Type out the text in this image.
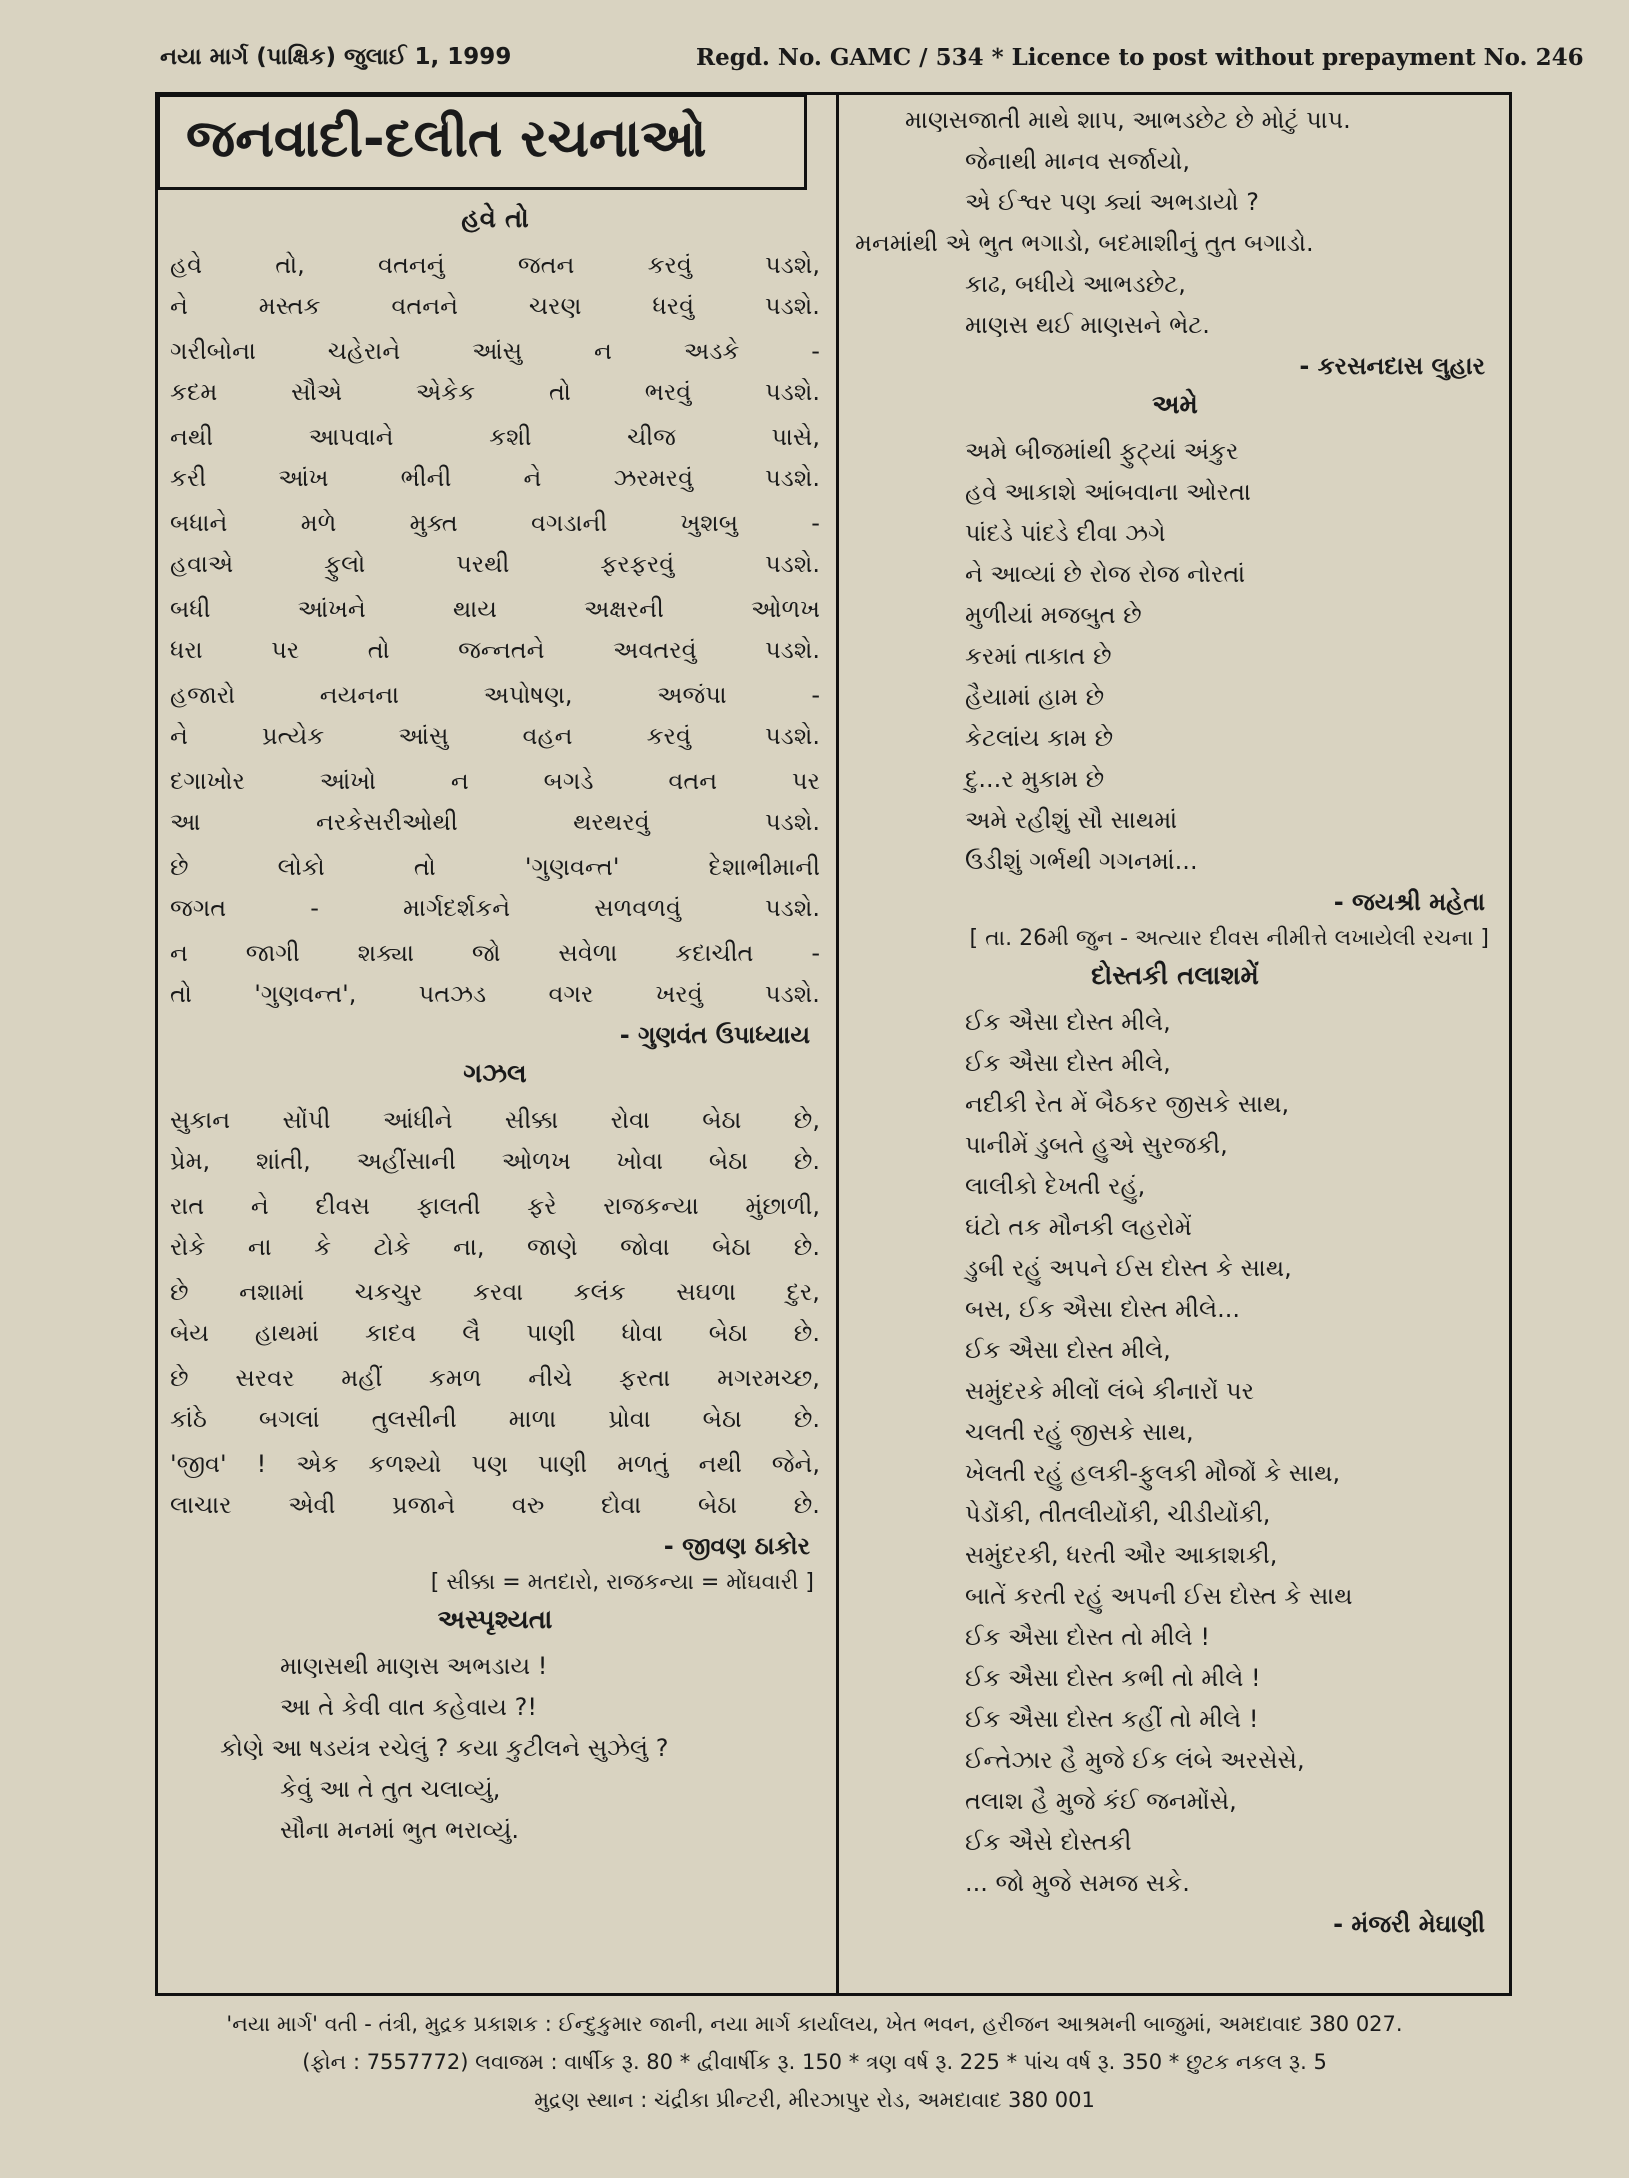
નયા માર્ગ (પાક્ષિક) જુલાઈ 1, 1999	Regd. No. GAMC / 534 * Licence to post without prepayment No. 246
જનવાદી-દલીત રચનાઓ
હવે તો
હવે	તો,	વતનનું	જતન	કરવું	પડશે,
ને	મસ્તક	વતનને	ચરણ	ધરવું	પડશે.
ગરીબોના	ચહેરાને	આંસુ	ન	અડકે	-
કદમ	સૌએ	એકેક	તો	ભરવું	પડશે.
નથી	આપવાને	કશી	ચીજ	પાસે,
કરી	આંખ	ભીની	ને	ઝરમરવું	પડશે.
બધાને	મળે	મુક્ત	વગડાની	ખુશબુ	-
હવાએ	ફુલો	પરથી	ફરફરવું	પડશે.
બધી	આંખને	થાય	અક્ષરની	ઓળખ
ધરા	પર	તો	જન્નતને	અવતરવું	પડશે.
હજારો	નયનના	અપોષણ,	અજંપા	-
ને	પ્રત્યેક	આંસુ	વહન	કરવું	પડશે.
દગાખોર	આંખો	ન	બગડે	વતન	પર
આ	નરકેસરીઓથી	થરથરવું	પડશે.
છે	લોકો	તો	'ગુણવન્ત'	દેશાભીમાની
જગત	-	માર્ગદર્શકને	સળવળવું	પડશે.
ન જાગી શક્યા જો સવેળા કદાચીત -
તો	'ગુણવન્ત',	પતઝડ	વગર	ખરવું	પડશે.
- ગુણવંત ઉપાધ્યાય
ગઝલ
સુકાન સોંપી આંધીને સીક્કા રોવા બેઠા છે,
પ્રેમ, શાંતી, અહીંસાની ઓળખ ખોવા બેઠા છે.
રાત ને દીવસ ફાલતી ફરે રાજકન્યા મુંછાળી,
રોકે ના કે ટોકે ના, જાણે જોવા બેઠા છે.
છે નશામાં ચકચુર કરવા કલંક સઘળા દુર,
બેય હાથમાં કાદવ લૈ પાણી ધોવા બેઠા છે.
છે સરવર મહીં કમળ નીચે ફરતા મગરમચ્છ,
કાંઠે બગલાં તુલસીની માળા પ્રોવા બેઠા છે.
'જીવ' ! એક કળશ્યો પણ પાણી મળતું નથી જેને,
લાચાર એવી પ્રજાને વરુ દોવા બેઠા છે.
- જીવણ ઠાકોર
[ સીક્કા = મતદારો, રાજકન્યા = મોંઘવારી ]
અસ્પૃશ્યતા
માણસથી માણસ અભડાય !
આ તે કેવી વાત કહેવાય ?!
કોણે આ ષડયંત્ર રચેલું ? કયા કુટીલને સુઝેલું ?
કેવું આ તે તુત ચલાવ્યું,
સૌના મનમાં ભુત ભરાવ્યું.
માણસજાતી માથે શાપ, આભડછેટ છે મોટું પાપ.
જેનાથી માનવ સર્જાયો,
એ ઈશ્વર પણ ક્યાં અભડાયો ?
મનમાંથી એ ભુત ભગાડો, બદમાશીનું તુત બગાડો.
કાઢ, બધીયે આભડછેટ,
માણસ થઈ માણસને ભેટ.
- કરસનદાસ લુહાર
અમે
અમે બીજમાંથી ફુટ્યાં અંકુર
હવે આકાશે આંબવાના ઓરતા
પાંદડે પાંદડે દીવા ઝગે
ને આવ્યાં છે રોજ રોજ નોરતાં
મુળીયાં મજબુત છે
કરમાં તાકાત છે
હૈયામાં હામ છે
કેટલાંય કામ છે
દુ...ર મુકામ છે
અમે રહીશું સૌ સાથમાં
ઉડીશું ગર્ભથી ગગનમાં...
- જયશ્રી મહેતા
[ તા. 26મી જુન - અત્યાર દીવસ નીમીત્તે લખાયેલી રચના ]
દોસ્તકી તલાશમેં
ઈક ઐસા દોસ્ત મીલે,
ઈક ઐસા દોસ્ત મીલે,
નદીકી રેત મેં બૈઠકર જીસકે સાથ,
પાનીમેં ડુબતે હુએ સુરજકી,
લાલીકો દેખતી રહું,
ઘંટો તક મૌનકી લહરોમેં
ડુબી રહું અપને ઈસ દોસ્ત કે સાથ,
બસ, ઈક ઐસા દોસ્ત મીલે...
ઈક ઐસા દોસ્ત મીલે,
સમુંદરકે મીલોં લંબે કીનારોં પર
ચલતી રહું જીસકે સાથ,
ખેલતી રહું હલકી-ફુલકી મૌજોં કે સાથ,
પેડોંકી, તીતલીયોંકી, ચીડીયોંકી,
સમુંદરકી, ધરતી ઔર આકાશકી,
બાતેં કરતી રહું અપની ઈસ દોસ્ત કે સાથ
ઈક ઐસા દોસ્ત તો મીલે !
ઈક ઐસા દોસ્ત કભી તો મીલે !
ઈક ઐસા દોસ્ત કહીં તો મીલે !
ઈન્તેઝાર હૈ મુજે ઈક લંબે અરસેસે,
તલાશ હૈ મુજે કંઈ જનમોંસે,
ઈક ઐસે દોસ્તકી
... જો મુજે સમજ સકે.
- મંજરી મેઘાણી
'નયા માર્ગ' વતી - તંત્રી, મુદ્રક પ્રકાશક : ઈન્દુકુમાર જાની, નયા માર્ગ કાર્યાલય, ખેત ભવન, હરીજન આશ્રમની બાજુમાં, અમદાવાદ 380 027.
(ફોન : 7557772) લવાજમ : વાર્ષીક રૂ. 80 * દ્વીવાર્ષીક રૂ. 150 * ત્રણ વર્ષ રૂ. 225 * પાંચ વર્ષ રૂ. 350 * છુટક નકલ રૂ. 5
મુદ્રણ સ્થાન : ચંદ્રીકા પ્રીન્ટરી, મીરઝાપુર રોડ, અમદાવાદ 380 001
